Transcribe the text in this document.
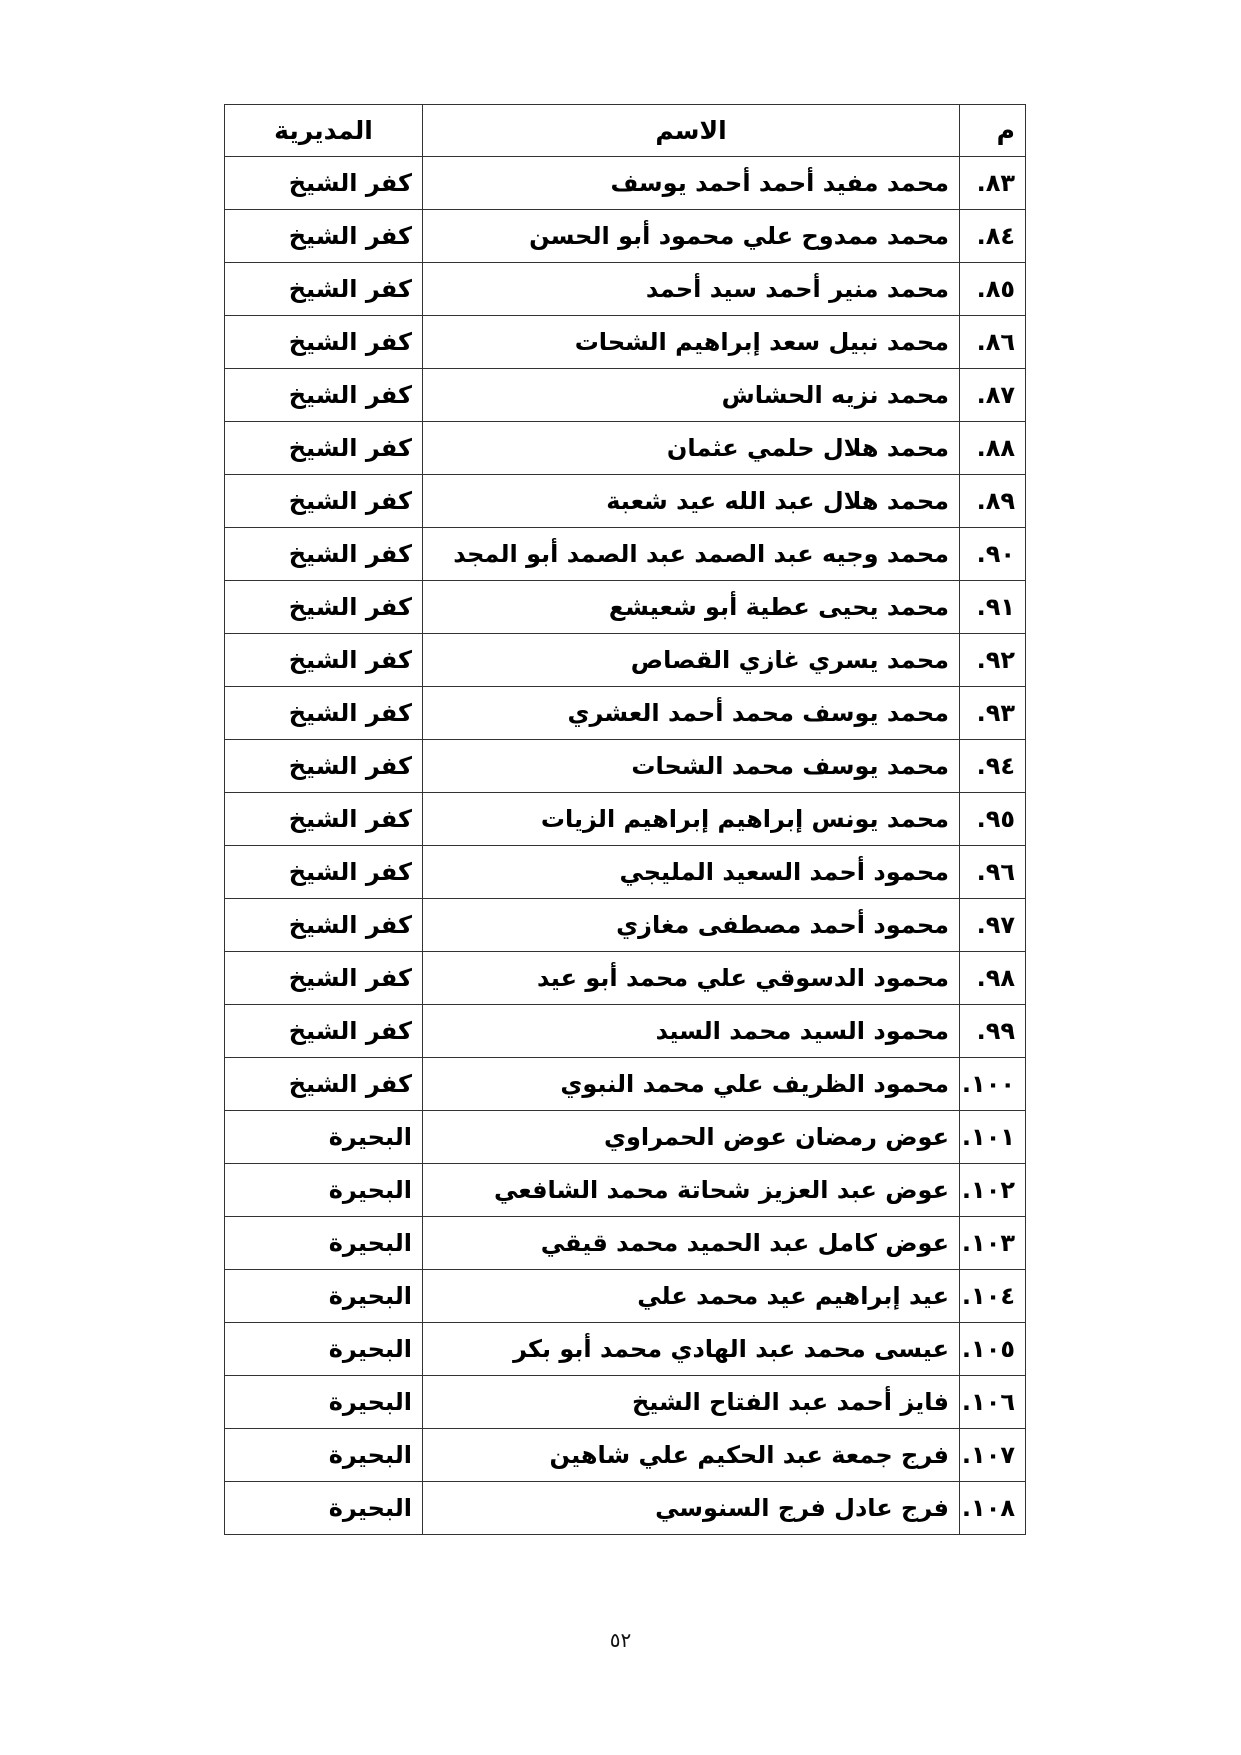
م	الاسم	المديرية
٨٣.	محمد مفيد أحمد أحمد يوسف	كفر الشيخ
٨٤.	محمد ممدوح علي محمود أبو الحسن	كفر الشيخ
٨٥.	محمد منير أحمد سيد أحمد	كفر الشيخ
٨٦.	محمد نبيل سعد إبراهيم الشحات	كفر الشيخ
٨٧.	محمد نزيه الحشاش	كفر الشيخ
٨٨.	محمد هلال حلمي عثمان	كفر الشيخ
٨٩.	محمد هلال عبد الله عيد شعبة	كفر الشيخ
٩٠.	محمد وجيه عبد الصمد عبد الصمد أبو المجد	كفر الشيخ
٩١.	محمد يحيى عطية أبو شعيشع	كفر الشيخ
٩٢.	محمد يسري غازي القصاص	كفر الشيخ
٩٣.	محمد يوسف محمد أحمد العشري	كفر الشيخ
٩٤.	محمد يوسف محمد الشحات	كفر الشيخ
٩٥.	محمد يونس إبراهيم إبراهيم الزيات	كفر الشيخ
٩٦.	محمود أحمد السعيد المليجي	كفر الشيخ
٩٧.	محمود أحمد مصطفى مغازي	كفر الشيخ
٩٨.	محمود الدسوقي علي محمد أبو عيد	كفر الشيخ
٩٩.	محمود السيد محمد السيد	كفر الشيخ
١٠٠.	محمود الظريف علي محمد النبوي	كفر الشيخ
١٠١.	عوض رمضان عوض الحمراوي	البحيرة
١٠٢.	عوض عبد العزيز شحاتة محمد الشافعي	البحيرة
١٠٣.	عوض كامل عبد الحميد محمد قيقي	البحيرة
١٠٤.	عيد إبراهيم عيد محمد علي	البحيرة
١٠٥.	عيسى محمد عبد الهادي محمد أبو بكر	البحيرة
١٠٦.	فايز أحمد عبد الفتاح الشيخ	البحيرة
١٠٧.	فرج جمعة عبد الحكيم علي شاهين	البحيرة
١٠٨.	فرج عادل فرج السنوسي	البحيرة
٥٢
